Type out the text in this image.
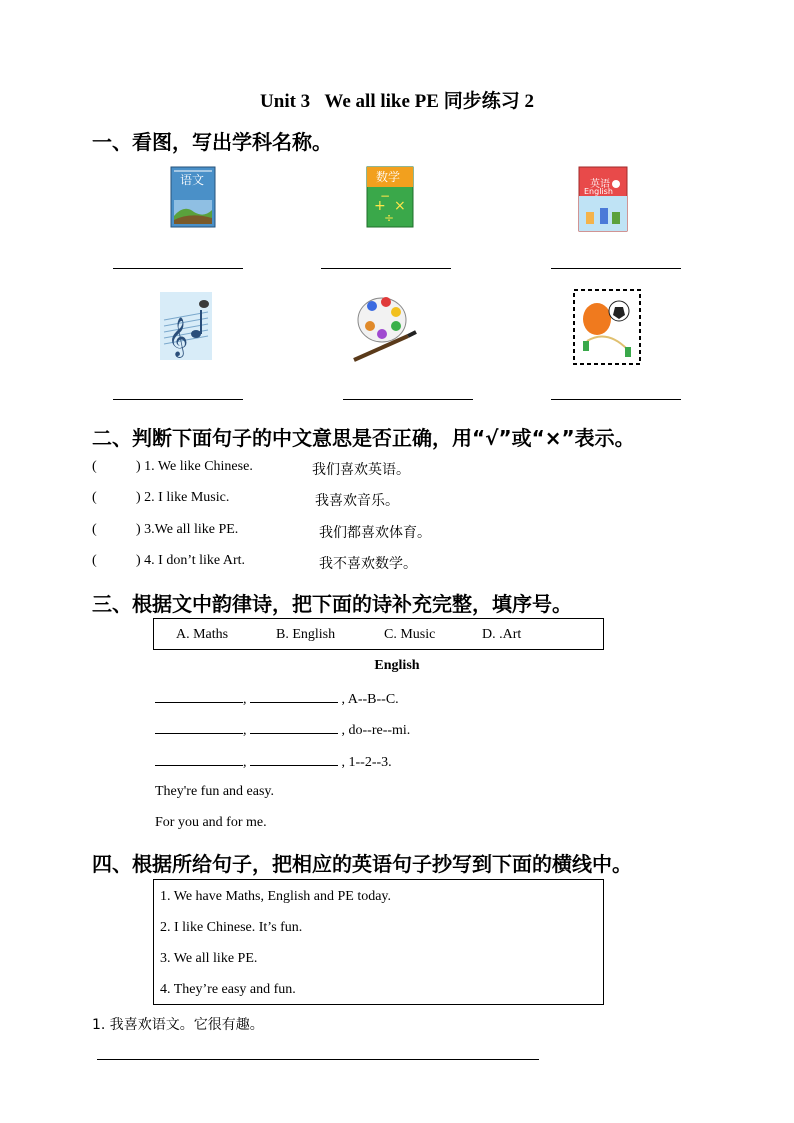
Unit 3   We all like PE 同步练习 2
一、看图，写出学科名称。
语文
+ ×
÷
−
数学
英语
English
𝄞
二、判断下面句子的中文意思是否正确，用“√”或“×”表示。
(	) 1. We like Chinese.	我们喜欢英语。
(	) 2. I like Music.	我喜欢音乐。
(	) 3.We all like PE.	我们都喜欢体育。
(	) 4. I don’t like Art.	我不喜欢数学。
三、根据文中韵律诗，把下面的诗补充完整，填序号。
A. Maths	B. English	C. Music	D. .Art
English
,	, A--B--C.
,	, do--re--mi.
,	, 1--2--3.
They're fun and easy.
For you and for me.
四、根据所给句子，把相应的英语句子抄写到下面的横线中。
1. We have Maths, English and PE today.
2. I like Chinese. It’s fun.
3. We all like PE.
4. They’re easy and fun.
1. 我喜欢语文。它很有趣。
